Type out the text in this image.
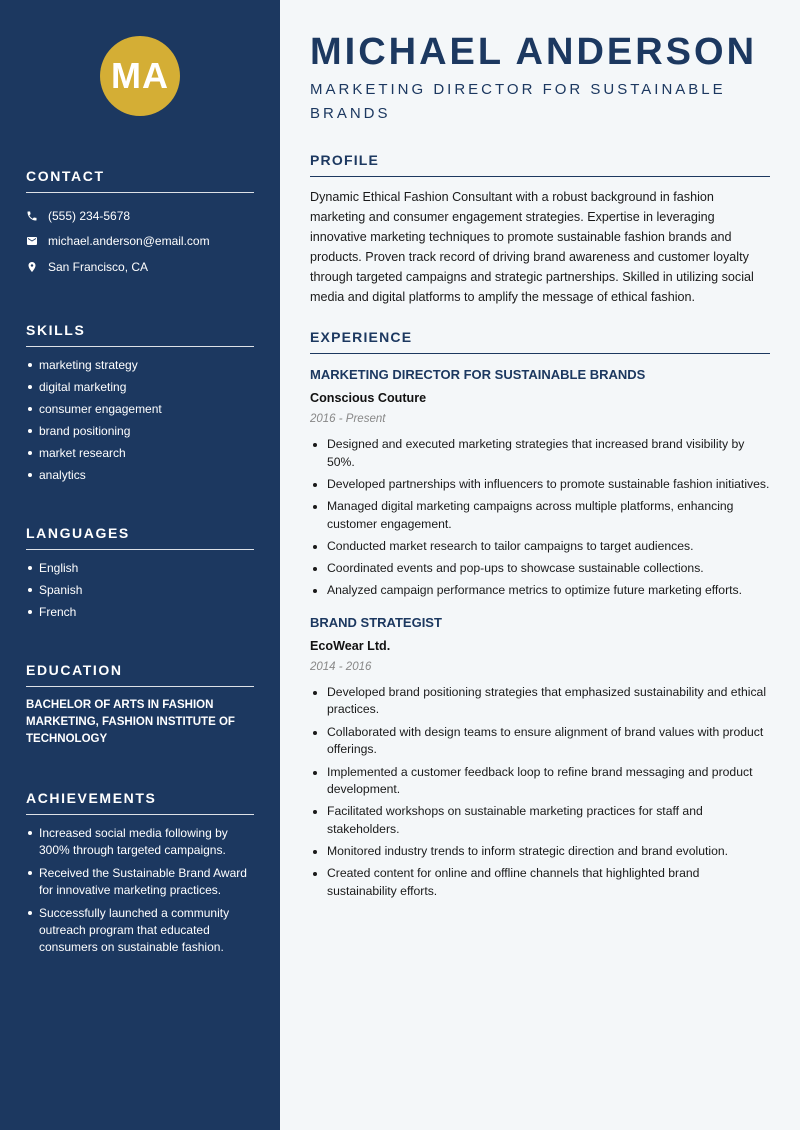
MA
CONTACT
(555) 234-5678
michael.anderson@email.com
San Francisco, CA
SKILLS
marketing strategy
digital marketing
consumer engagement
brand positioning
market research
analytics
LANGUAGES
English
Spanish
French
EDUCATION
BACHELOR OF ARTS IN FASHION MARKETING, FASHION INSTITUTE OF TECHNOLOGY
ACHIEVEMENTS
Increased social media following by 300% through targeted campaigns.
Received the Sustainable Brand Award for innovative marketing practices.
Successfully launched a community outreach program that educated consumers on sustainable fashion.
MICHAEL ANDERSON
MARKETING DIRECTOR FOR SUSTAINABLE BRANDS
PROFILE

Dynamic Ethical Fashion Consultant with a robust background in fashion marketing and consumer engagement strategies. Expertise in leveraging innovative marketing techniques to promote sustainable fashion brands and products. Proven track record of driving brand awareness and customer loyalty through targeted campaigns and strategic partnerships. Skilled in utilizing social media and digital platforms to amplify the message of ethical fashion.

EXPERIENCE
MARKETING DIRECTOR FOR SUSTAINABLE BRANDS
Conscious Couture
2016 - Present
Designed and executed marketing strategies that increased brand visibility by 50%.
Developed partnerships with influencers to promote sustainable fashion initiatives.
Managed digital marketing campaigns across multiple platforms, enhancing customer engagement.
Conducted market research to tailor campaigns to target audiences.
Coordinated events and pop-ups to showcase sustainable collections.
Analyzed campaign performance metrics to optimize future marketing efforts.
BRAND STRATEGIST
EcoWear Ltd.
2014 - 2016
Developed brand positioning strategies that emphasized sustainability and ethical practices.
Collaborated with design teams to ensure alignment of brand values with product offerings.
Implemented a customer feedback loop to refine brand messaging and product development.
Facilitated workshops on sustainable marketing practices for staff and stakeholders.
Monitored industry trends to inform strategic direction and brand evolution.
Created content for online and offline channels that highlighted brand sustainability efforts.
